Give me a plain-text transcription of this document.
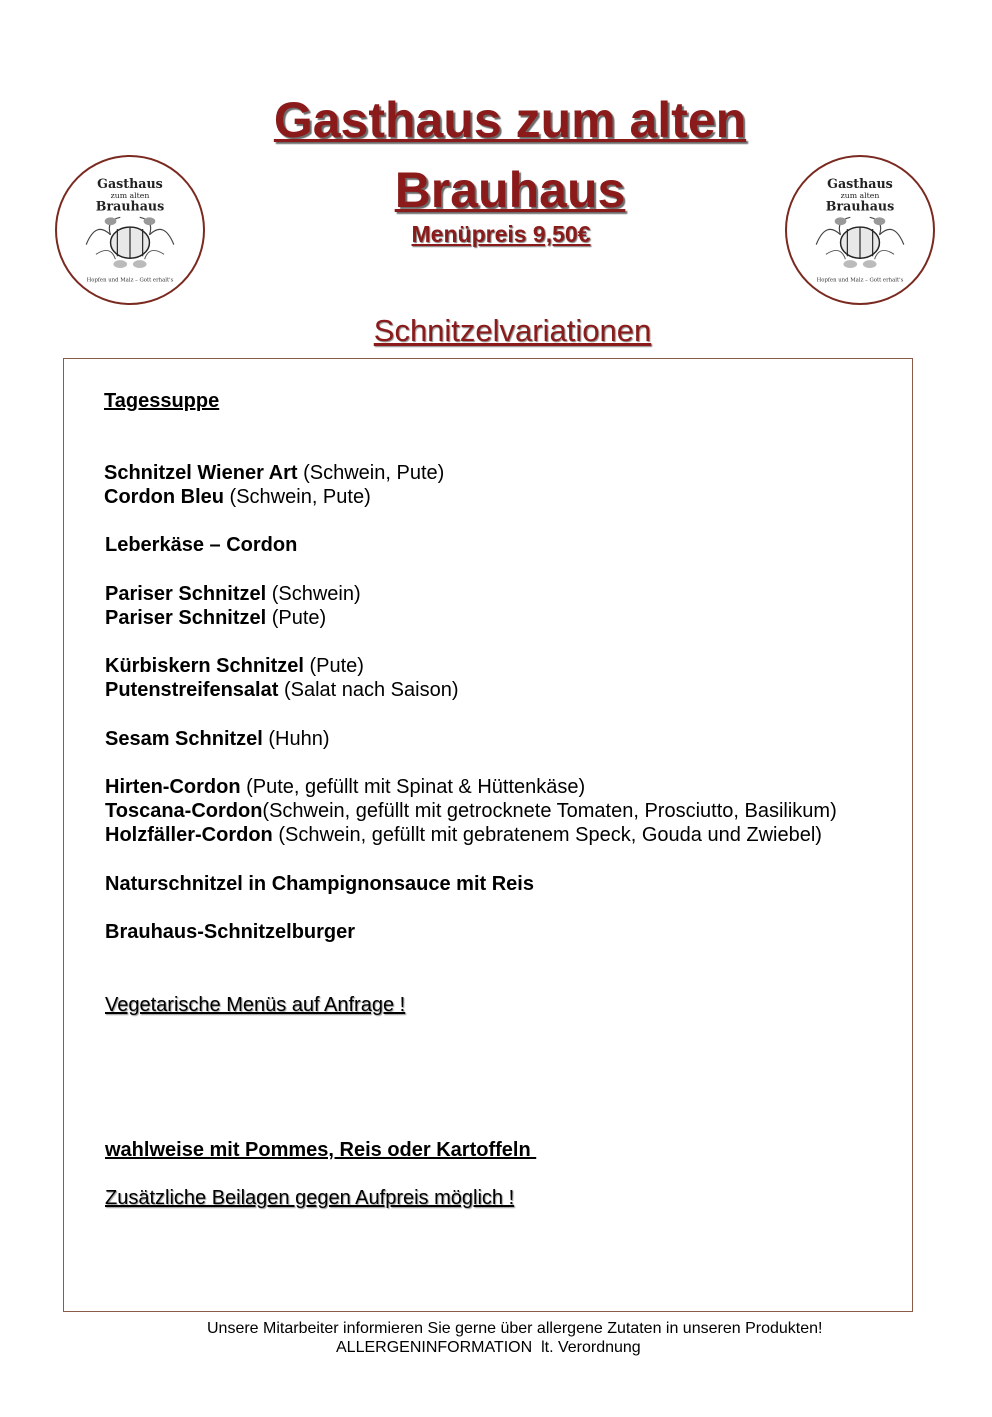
Gasthaus
zum alten
Brauhaus
Hopfen und Malz – Gott erhalt's
Gasthaus
zum alten
Brauhaus
Hopfen und Malz – Gott erhalt's
Gasthaus zum alten
Brauhaus
Menüpreis 9,50€
Schnitzelvariationen
Tagessuppe
Schnitzel Wiener Art (Schwein, Pute)
Cordon Bleu (Schwein, Pute)
Leberkäse – Cordon
Pariser Schnitzel (Schwein)
Pariser Schnitzel (Pute)
Kürbiskern Schnitzel (Pute)
Putenstreifensalat (Salat nach Saison)
Sesam Schnitzel (Huhn)
Hirten-Cordon (Pute, gefüllt mit Spinat & Hüttenkäse)
Toscana-Cordon(Schwein, gefüllt mit getrocknete Tomaten, Prosciutto, Basilikum)
Holzfäller-Cordon (Schwein, gefüllt mit gebratenem Speck, Gouda und Zwiebel)
Naturschnitzel in Champignonsauce mit Reis
Brauhaus-Schnitzelburger
Vegetarische Menüs auf Anfrage !
wahlweise mit Pommes, Reis oder Kartoffeln
Zusätzliche Beilagen gegen Aufpreis möglich !
Unsere Mitarbeiter informieren Sie gerne über allergene Zutaten in unseren Produkten!
ALLERGENINFORMATION  lt. Verordnung
